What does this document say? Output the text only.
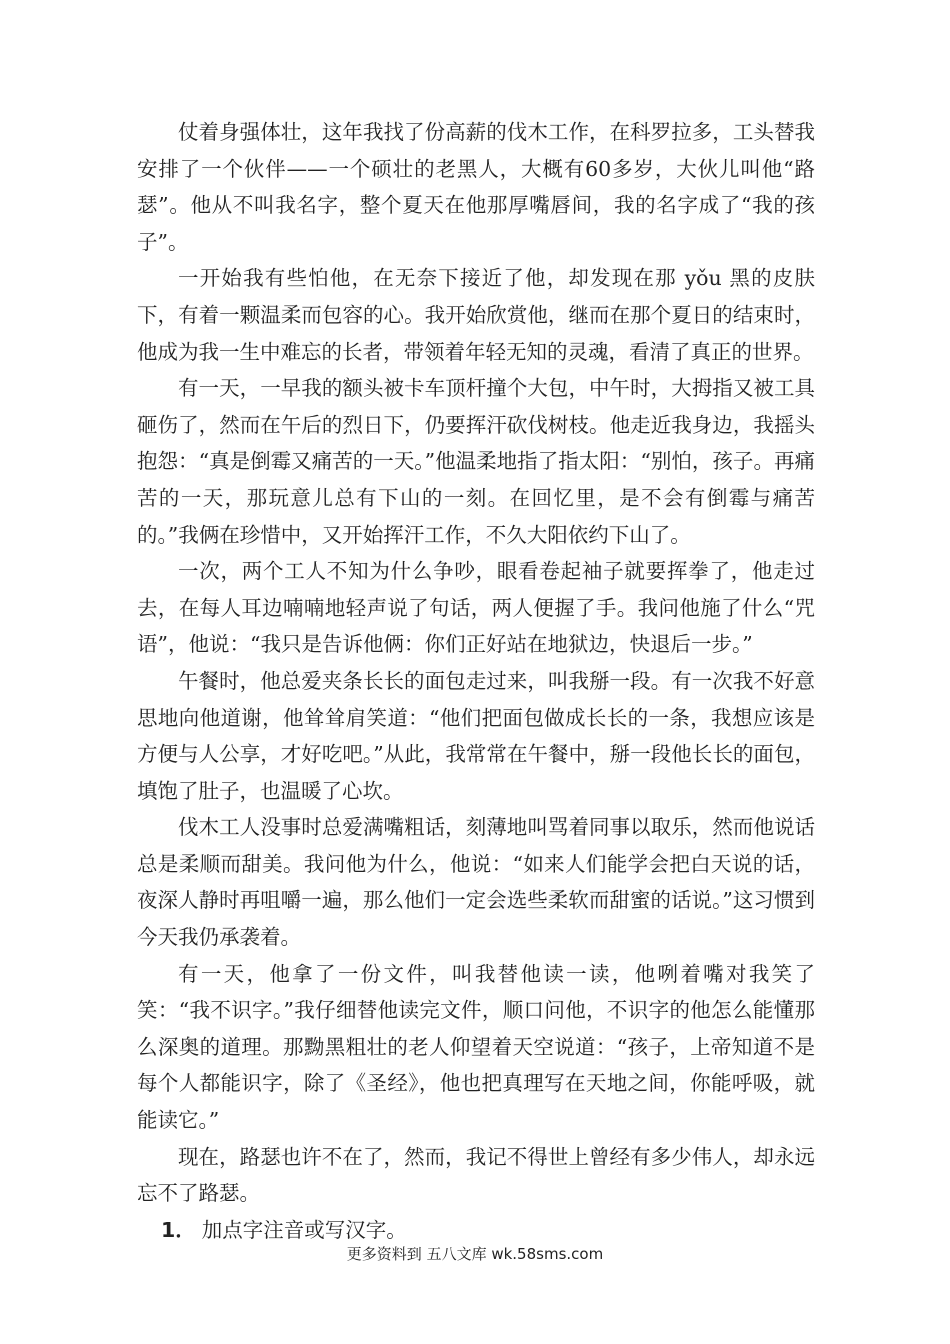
仗着身强体壮，这年我找了份高薪的伐木工作，在科罗拉多，工头替我安排了一个伙伴——一个硕壮的老黑人，大概有60多岁，大伙儿叫他“路瑟”。他从不叫我名字，整个夏天在他那厚嘴唇间，我的名字成了“我的孩子”。

一开始我有些怕他，在无奈下接近了他，却发现在那 yǒu 黑的皮肤下，有着一颗温柔而包容的心。我开始欣赏他，继而在那个夏日的结束时，他成为我一生中难忘的长者，带领着年轻无知的灵魂，看清了真正的世界。

有一天，一早我的额头被卡车顶杆撞个大包，中午时，大拇指又被工具砸伤了，然而在午后的烈日下，仍要挥汗砍伐树枝。他走近我身边，我摇头抱怨：“真是倒霉又痛苦的一天。”他温柔地指了指太阳：“别怕，孩子。再痛苦的一天，那玩意儿总有下山的一刻。在回忆里，是不会有倒霉与痛苦的。”我俩在珍惜中，又开始挥汗工作，不久大阳依约下山了。

一次，两个工人不知为什么争吵，眼看卷起袖子就要挥拳了，他走过去，在每人耳边喃喃地轻声说了句话，两人便握了手。我问他施了什么“咒语”，他说：“我只是告诉他俩：你们正好站在地狱边，快退后一步。”

午餐时，他总爱夹条长长的面包走过来，叫我掰一段。有一次我不好意思地向他道谢，他耸耸肩笑道：“他们把面包做成长长的一条，我想应该是方便与人公享，才好吃吧。”从此，我常常在午餐中，掰一段他长长的面包，填饱了肚子，也温暖了心坎。

伐木工人没事时总爱满嘴粗话，刻薄地叫骂着同事以取乐，然而他说话总是柔顺而甜美。我问他为什么，他说：“如来人们能学会把白天说的话，夜深人静时再咀嚼一遍，那么他们一定会选些柔软而甜蜜的话说。”这习惯到今天我仍承袭着。

有一天，他拿了一份文件，叫我替他读一读，他咧着嘴对我笑了笑：“我不识字。”我仔细替他读完文件，顺口问他，不识字的他怎么能懂那么深奥的道理。那黝黑粗壮的老人仰望着天空说道：“孩子，上帝知道不是每个人都能识字，除了《圣经》，他也把真理写在天地之间，你能呼吸，就能读它。”

现在，路瑟也许不在了，然而，我记不得世上曾经有多少伟人，却永远忘不了路瑟。

1． 加点字注音或写汉字。

更多资料到 五八文库 wk.58sms.com
